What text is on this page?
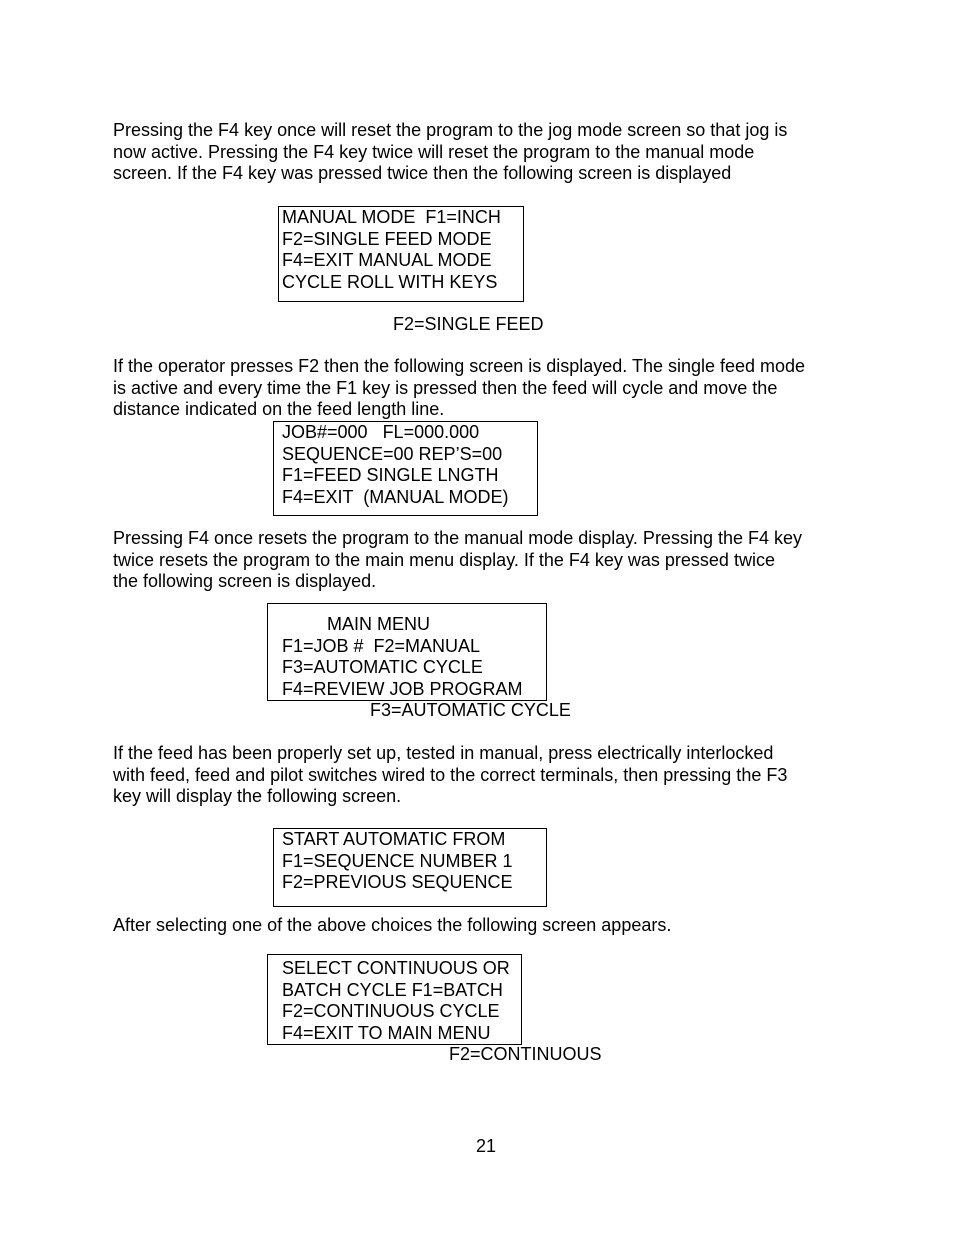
Pressing the F4 key once will reset the program to the jog mode screen so that jog is
now active. Pressing the F4 key twice will reset the program to the manual mode
screen. If the F4 key was pressed twice then the following screen is displayed

MANUAL MODE  F1=INCH
F2=SINGLE FEED MODE
F4=EXIT MANUAL MODE
CYCLE ROLL WITH KEYS
F2=SINGLE FEED

If the operator presses F2 then the following screen is displayed. The single feed mode
is active and every time the F1 key is pressed then the feed will cycle and move the
distance indicated on the feed length line.

JOB#=000   FL=000.000
SEQUENCE=00 REP’S=00
F1=FEED SINGLE LNGTH
F4=EXIT  (MANUAL MODE)

Pressing F4 once resets the program to the manual mode display. Pressing the F4 key
twice resets the program to the main menu display. If the F4 key was pressed twice
the following screen is displayed.

MAIN MENU
F1=JOB #  F2=MANUAL
F3=AUTOMATIC CYCLE
F4=REVIEW JOB PROGRAM
F3=AUTOMATIC CYCLE

If the feed has been properly set up, tested in manual, press electrically interlocked
with feed, feed and pilot switches wired to the correct terminals, then pressing the F3
key will display the following screen.

START AUTOMATIC FROM
F1=SEQUENCE NUMBER 1
F2=PREVIOUS SEQUENCE

After selecting one of the above choices the following screen appears.

SELECT CONTINUOUS OR
BATCH CYCLE F1=BATCH
F2=CONTINUOUS CYCLE
F4=EXIT TO MAIN MENU
F2=CONTINUOUS
21
